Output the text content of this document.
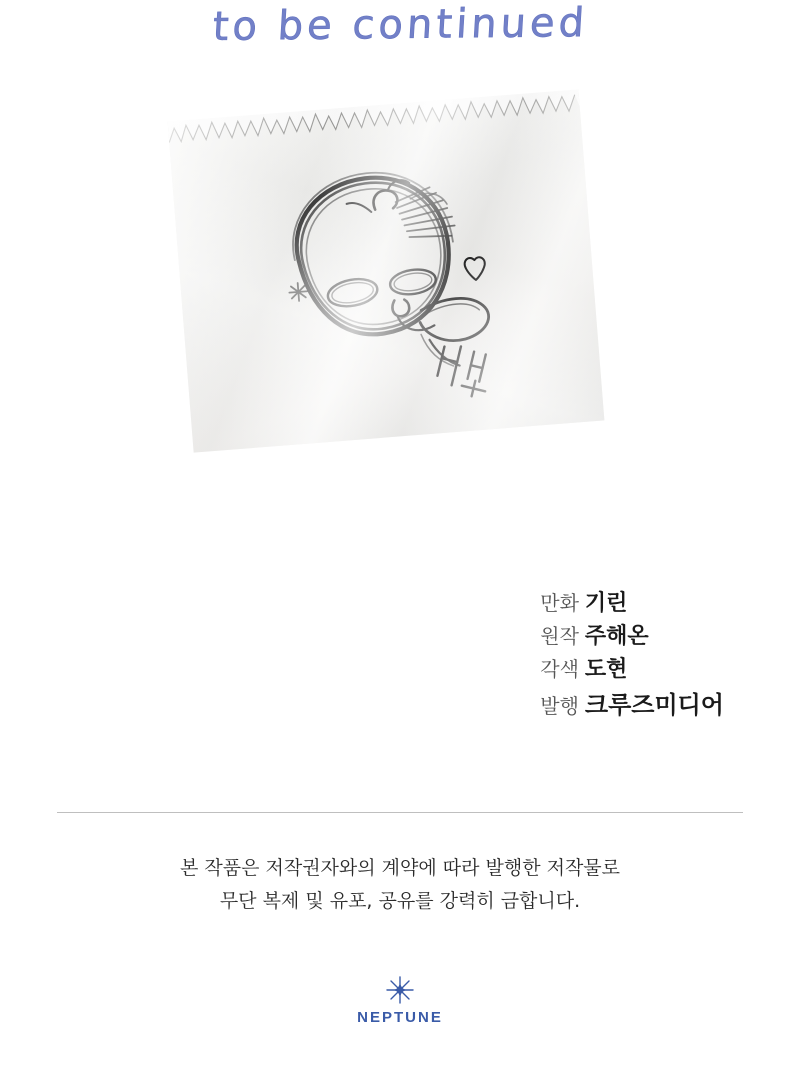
to be continued
만화 기린
원작 주해온
각색 도현
발행 크루즈미디어
본 작품은 저작권자와의 계약에 따라 발행한 저작물로
무단 복제 및 유포, 공유를 강력히 금합니다.
NEPTUNE
